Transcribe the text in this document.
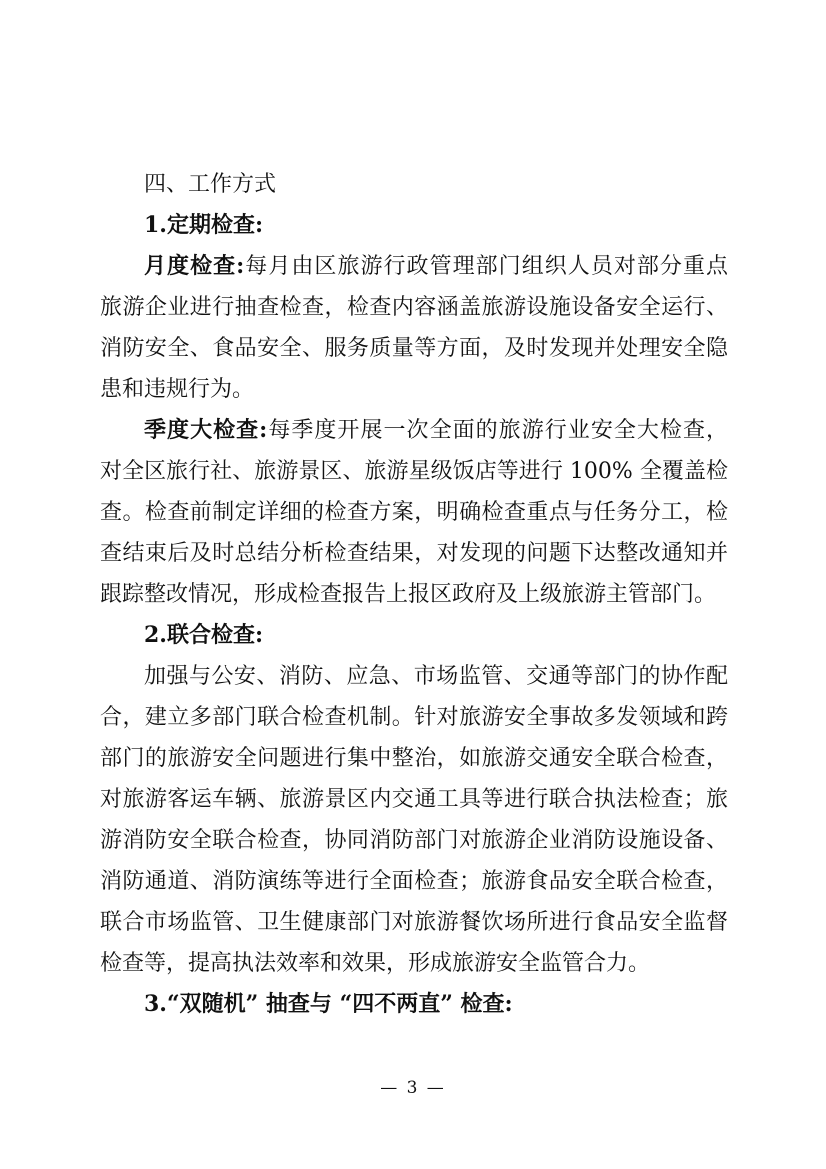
四、工作方式
1.定期检查:
月度检查:每月由区旅游行政管理部门组织人员对部分重点
旅游企业进行抽查检查，检查内容涵盖旅游设施设备安全运行、
消防安全、食品安全、服务质量等方面，及时发现并处理安全隐
患和违规行为。
季度大检查:每季度开展一次全面的旅游行业安全大检查，
对全区旅行社、旅游景区、旅游星级饭店等进行 100% 全覆盖检
查。检查前制定详细的检查方案，明确检查重点与任务分工，检
查结束后及时总结分析检查结果，对发现的问题下达整改通知并
跟踪整改情况，形成检查报告上报区政府及上级旅游主管部门。
2.联合检查:
加强与公安、消防、应急、市场监管、交通等部门的协作配
合，建立多部门联合检查机制。针对旅游安全事故多发领域和跨
部门的旅游安全问题进行集中整治，如旅游交通安全联合检查，
对旅游客运车辆、旅游景区内交通工具等进行联合执法检查；旅
游消防安全联合检查，协同消防部门对旅游企业消防设施设备、
消防通道、消防演练等进行全面检查；旅游食品安全联合检查，
联合市场监管、卫生健康部门对旅游餐饮场所进行食品安全监督
检查等，提高执法效率和效果，形成旅游安全监管合力。
3.“双随机” 抽查与 “四不两直” 检查:
— 3 —
